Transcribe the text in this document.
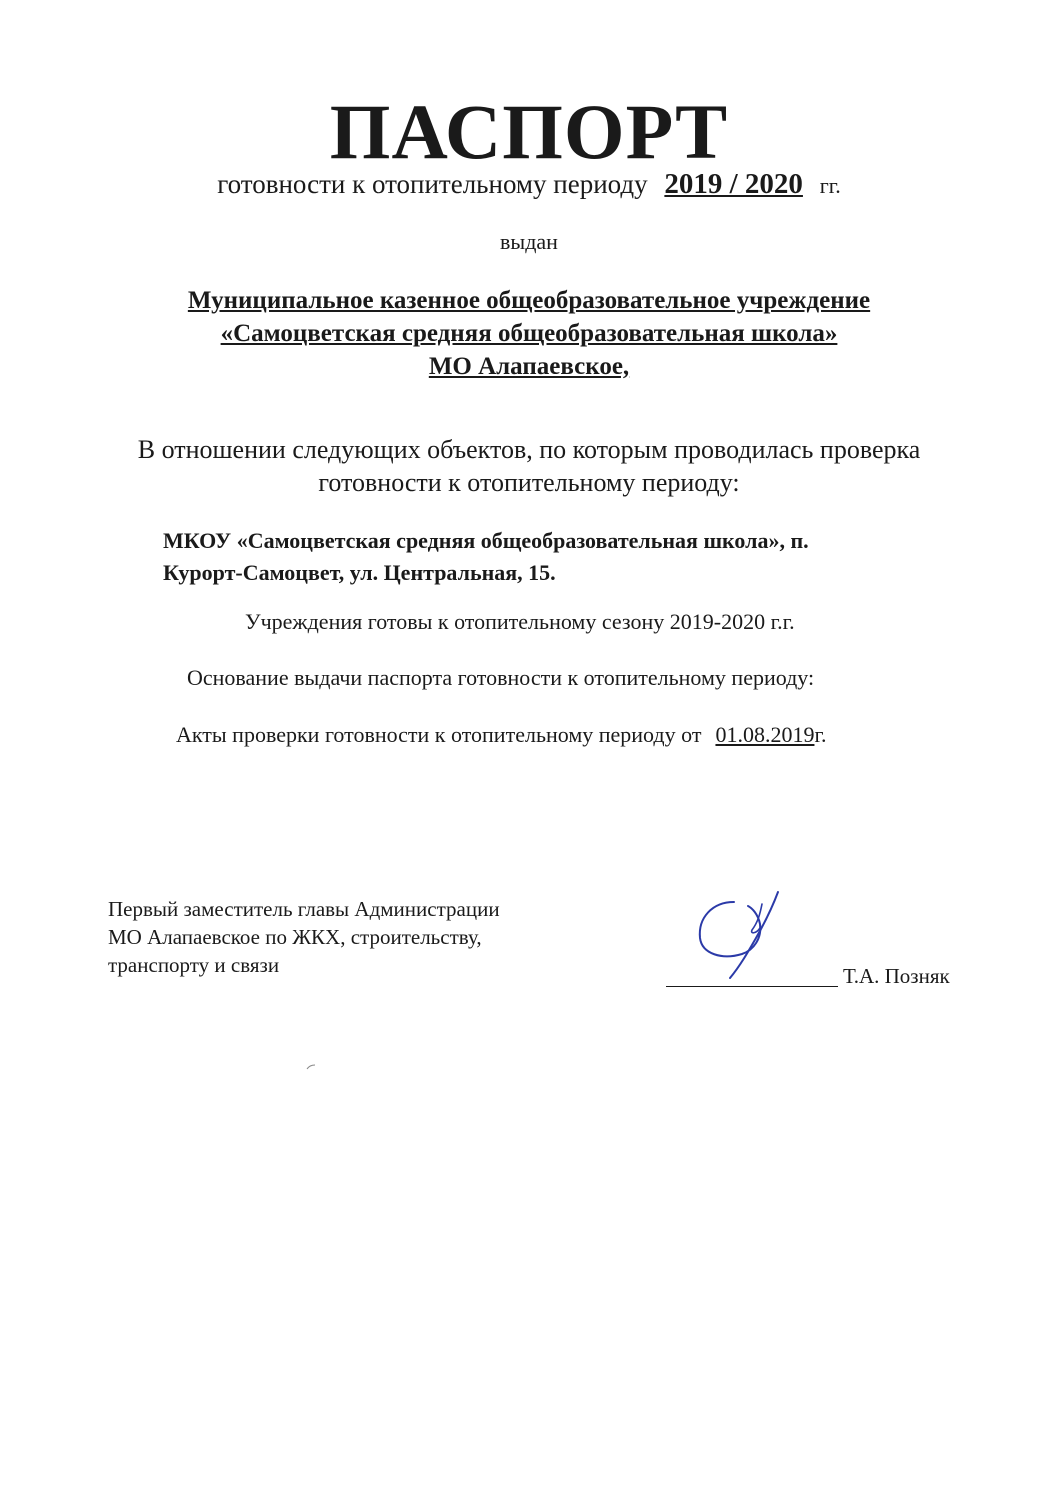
ПАСПОРТ
готовности к отопительному периоду 2019 / 2020 гг.
выдан
Муниципальное казенное общеобразовательное учреждение
«Самоцветская средняя общеобразовательная школа»
МО Алапаевское,
В отношении следующих объектов, по которым проводилась проверка
готовности к отопительному периоду:
МКОУ «Самоцветская средняя общеобразовательная школа», п.
Курорт-Самоцвет, ул. Центральная, 15.
Учреждения готовы к отопительному сезону 2019-2020 г.г.
Основание выдачи паспорта готовности к отопительному периоду:
Акты проверки готовности к отопительному периоду от 01.08.2019г.
Первый заместитель главы Администрации
МО Алапаевское по ЖКХ, строительству,
транспорту и связи	Т.А. Позняк
